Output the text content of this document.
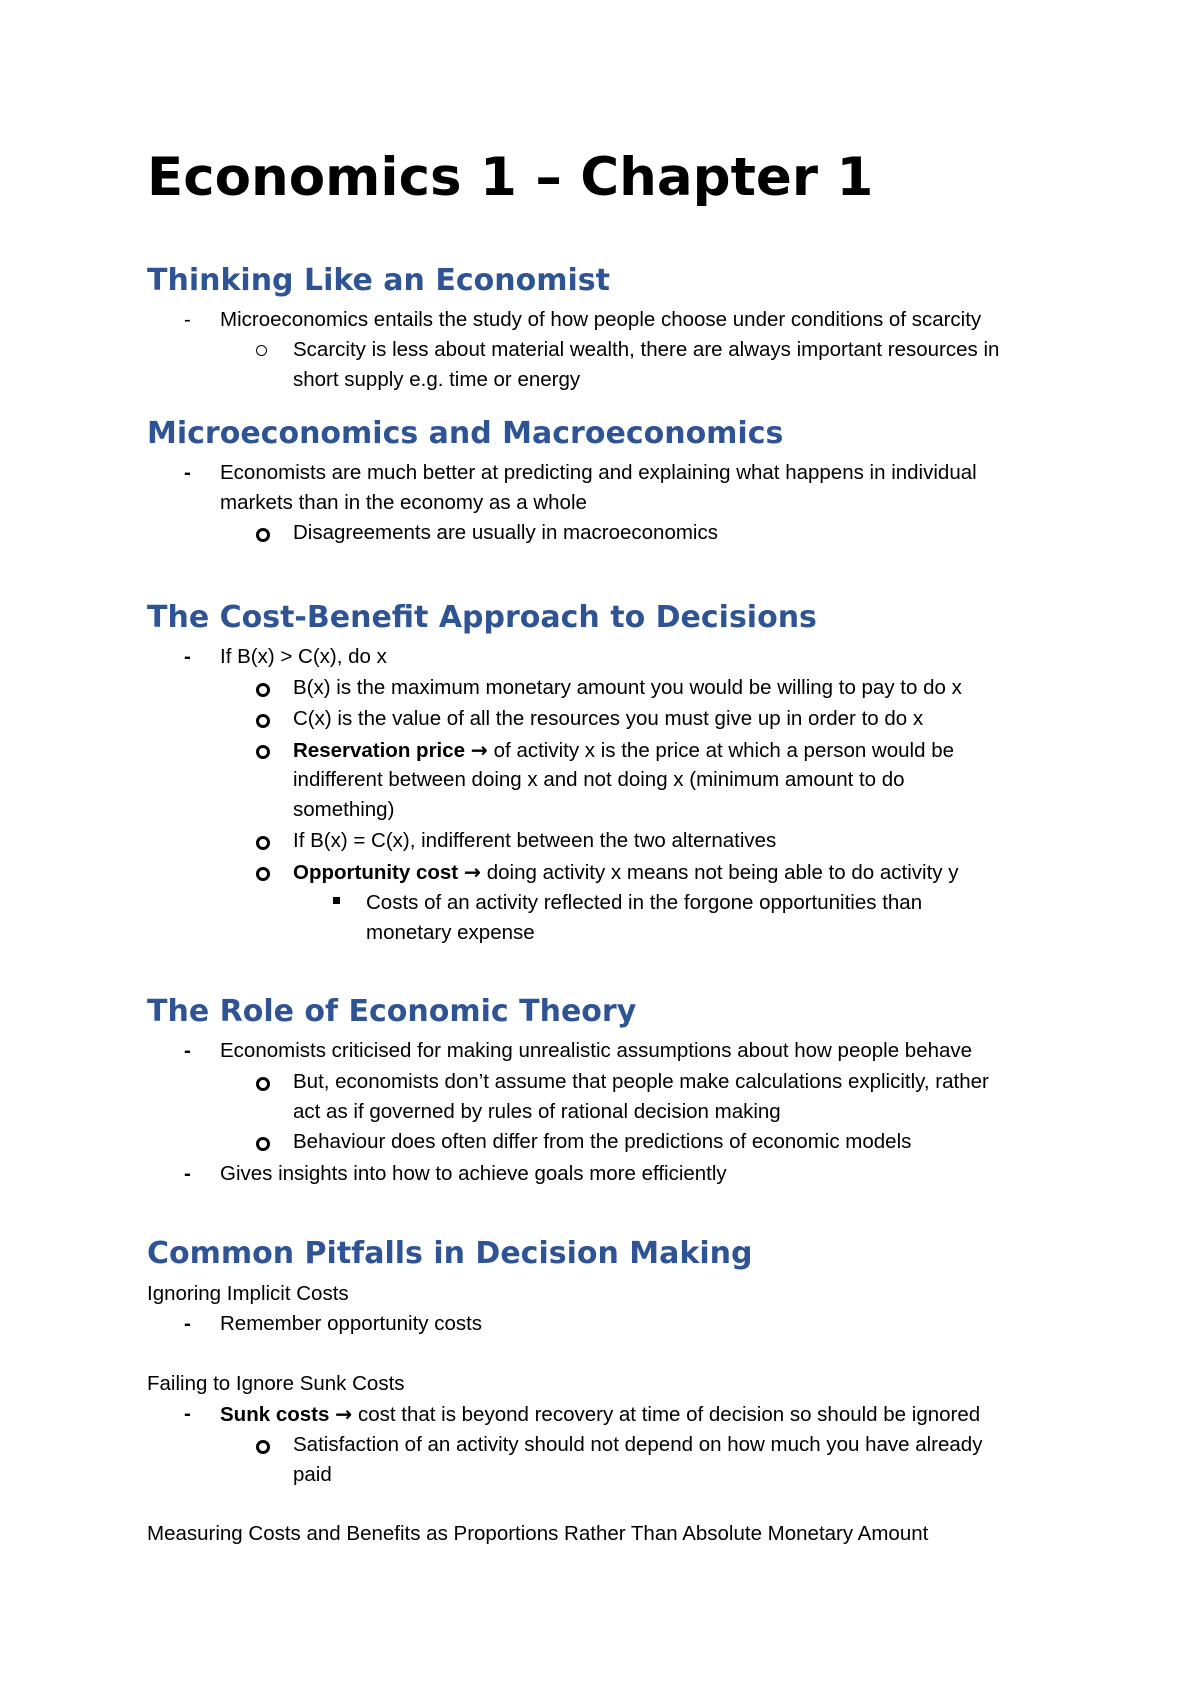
Economics 1 – Chapter 1
Thinking Like an Economist
- Microeconomics entails the study of how people choose under conditions of scarcity
Scarcity is less about material wealth, there are always important resources in
short supply e.g. time or energy
Microeconomics and Macroeconomics
- Economists are much better at predicting and explaining what happens in individual
markets than in the economy as a whole
Disagreements are usually in macroeconomics
The Cost-Benefit Approach to Decisions
- If B(x) > C(x), do x
B(x) is the maximum monetary amount you would be willing to pay to do x
C(x) is the value of all the resources you must give up in order to do x
Reservation price → of activity x is the price at which a person would be
indifferent between doing x and not doing x (minimum amount to do
something)
If B(x) = C(x), indifferent between the two alternatives
Opportunity cost → doing activity x means not being able to do activity y
Costs of an activity reflected in the forgone opportunities than
monetary expense
The Role of Economic Theory
- Economists criticised for making unrealistic assumptions about how people behave
But, economists don’t assume that people make calculations explicitly, rather
act as if governed by rules of rational decision making
Behaviour does often differ from the predictions of economic models
- Gives insights into how to achieve goals more efficiently
Common Pitfalls in Decision Making
Ignoring Implicit Costs
- Remember opportunity costs
Failing to Ignore Sunk Costs
- Sunk costs → cost that is beyond recovery at time of decision so should be ignored
Satisfaction of an activity should not depend on how much you have already
paid
Measuring Costs and Benefits as Proportions Rather Than Absolute Monetary Amount
